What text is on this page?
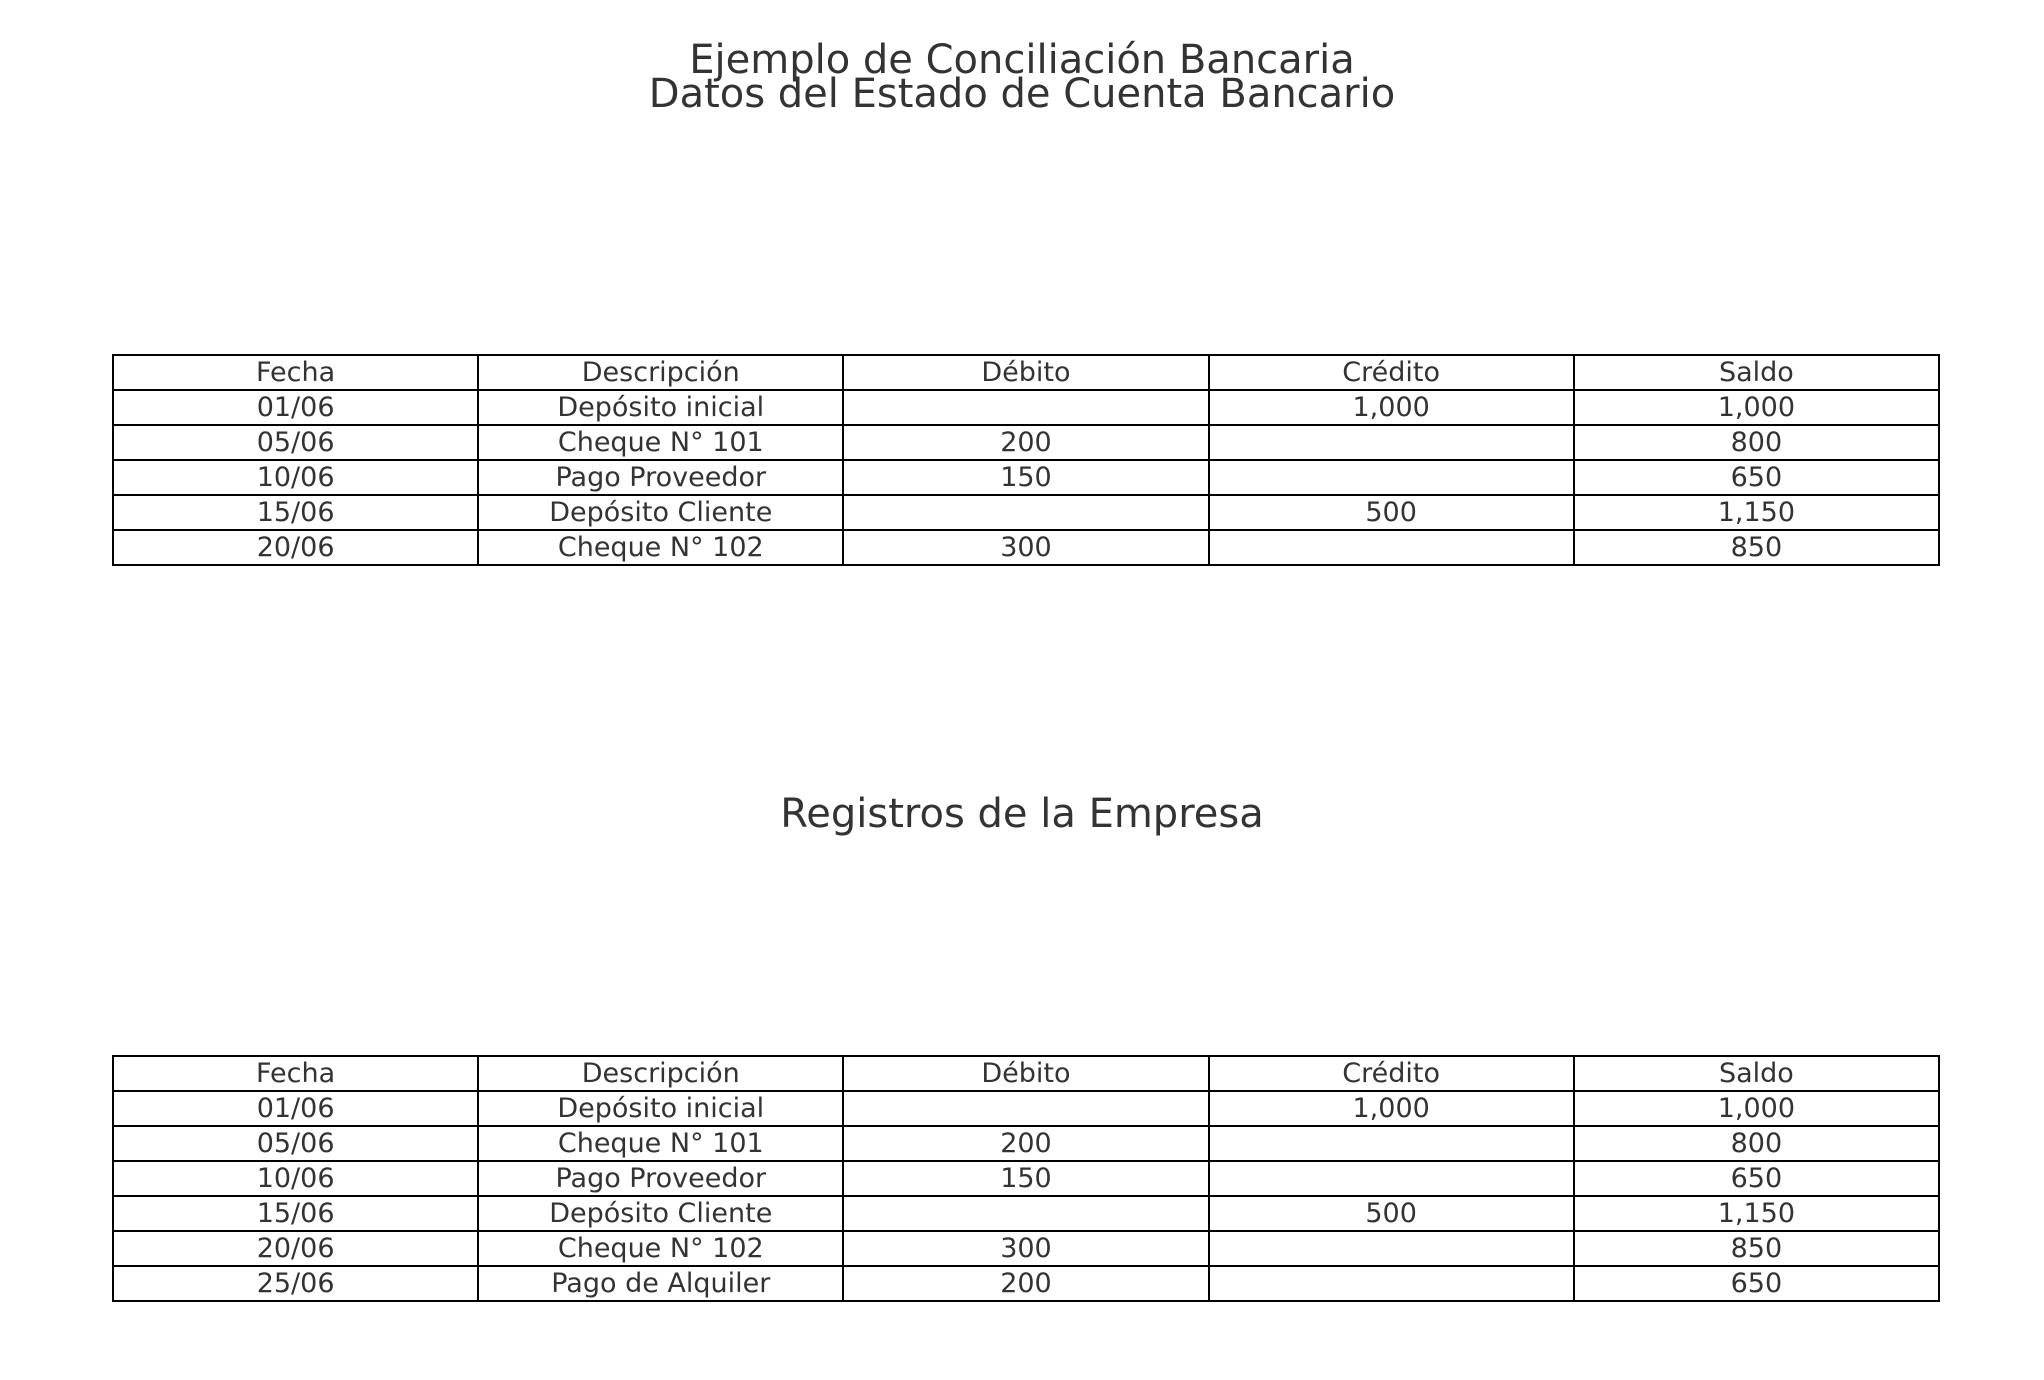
Ejemplo de Conciliación Bancaria
Datos del Estado de Cuenta Bancario
Fecha	Descripción	Débito	Crédito	Saldo
01/06	Depósito inicial		1,000	1,000
05/06	Cheque N° 101	200		800
10/06	Pago Proveedor	150		650
15/06	Depósito Cliente		500	1,150
20/06	Cheque N° 102	300		850
Registros de la Empresa
Fecha	Descripción	Débito	Crédito	Saldo
01/06	Depósito inicial		1,000	1,000
05/06	Cheque N° 101	200		800
10/06	Pago Proveedor	150		650
15/06	Depósito Cliente		500	1,150
20/06	Cheque N° 102	300		850
25/06	Pago de Alquiler	200		650
